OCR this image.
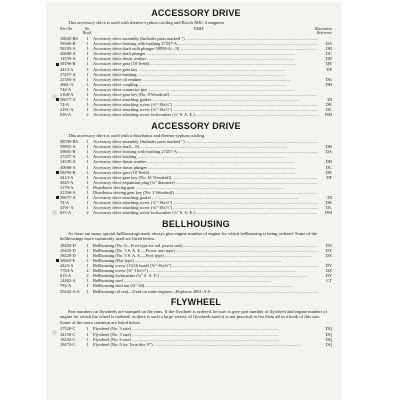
ACCESSORY DRIVE
This accessory drive is used with thermo-syphon cooling and Bosch MJC-4 magneto
Part No.	No. Req'd.
NAME	Illustration Reference
18820-BS	1	Accessory drive assembly (Includes parts marked ") .....
58360-B	1	Accessory drive housing with bushing 27257-A .....	DA
58195-A	1	Accessory drive shaft with plunger 58958-A—9) .....	DB
40688-A	1	Accessory drive shaft plunger .....	DC
14535-A	1	Accessory drive thrust washer .....	DD
58196-B	1	Accessory drive gear (18 Teeth) .....	DE
4413-A	1	Accessory drive gear key .....	DF
27257-A	1	Accessory drive bushing .....
21356-A	1	Accessory drive oil retainer .....	DG
4661-A	1	Accessory drive coupling .....	DH
742-A	1	Accessory drive connector pin .....
2168-A	1	Accessory drive gear key (No. 8 Woodruff) .....
58677-A	1	Accessory drive attaching gasket .....	DI
74-A	1	Accessory drive attaching screw (¼"-18x¾") .....	DK
4191-A	1	Accessory drive attaching screw (¼"-18x½") .....	DL
616-A	2	Accessory drive attaching screw lockwasher (¼" S. A. E.) .....	DM
ACCESSORY DRIVE
This accessory drive is used with a distributor and thermo-syphon cooling.
58590-BS	1	Accessory drive assembly (Includes parts marked ") .....
58892-A	1	Accessory drive shaft—9) .....	DB
58601-B	1	Accessory drive housing with bushing 27257-A .....	DA
27257-A	1	Accessory drive bushing .....
14535-A	1	Accessory drive thrust washer .....	DD
40688-A	1	Accessory drive thrust plunger .....	DC
58195-B	1	Accessory drive gear (18 Teeth) .....	DE
4413-A	1	Accessory drive gear key (No. 61 Woodruff) .....	DF
4645-A	1	Accessory drive expansion plug (¾" diameter) .....
3179-A	1	Distributor driving gear .....
21356-A	1	Distributor driving gear key (No. 2 Woodruff) .....
58677-A	1	Accessory drive attaching gasket .....	DI
74-A	1	Accessory drive attaching screw (¼"-18x¾") .....	DK
4191-A	1	Accessory drive attaching screw (¼"-18x½") .....	DL
615-A	2	Accessory drive attaching screw lockwasher (¼" S. A. E.) .....	DM
BELLHOUSING
As there are many special bellhousings used, always give engine number of engine for which bellhousing is being ordered. Some of the bellhousings more commonly used are listed below.
18420-D	1	Bellhousing (No. 6—Foot type for std. power unit) .....	DX
18425-D	1	Bellhousing (No. 5 S. A. E.—Power unit type) .....	DX
18428-D	1	Bellhousing (No. 5 S. A. E.—Foot type) .....	DX
38065-E	1	Bellhousing (Flat type) .....
4423-A	1	Bellhousing screw (13/16 head) (⅜"-16x⅞") .....	DY
7784-A	2	Bellhousing screw (¾"-16x½") .....	DZ
615-A	2	Bellhousing lockwasher (¾" S. A. E.) .....	DY
14462-A	1	Bellhousing stud .....	CT
782-A	1	Bellhousing stud nut (⅜"-24) .....
35442-A-S	1	Bellhousing oil seal—Used on some engines—Replaces 4861-A-S .....
FLYWHEEL
Part numbers on flywheels are stamped on the rims. If the flywheel is ordered, be sure to give part number of flywheel and engine number of engine for which the wheel is ordered, as there is such a large variety of flywheels used it is not practical to list them all in a book of this size. Some of the more common are listed below.
27520-C	1	Flywheel (No. 3 size) .....	DQ
34150-C	1	Flywheel (No. 5 size) .....	DQ
18430-C	1	Flywheel (No. 6 size) .....	DQ
18474-C	1	Flywheel (No. 6 for Twin disc 9") .....	DQ
